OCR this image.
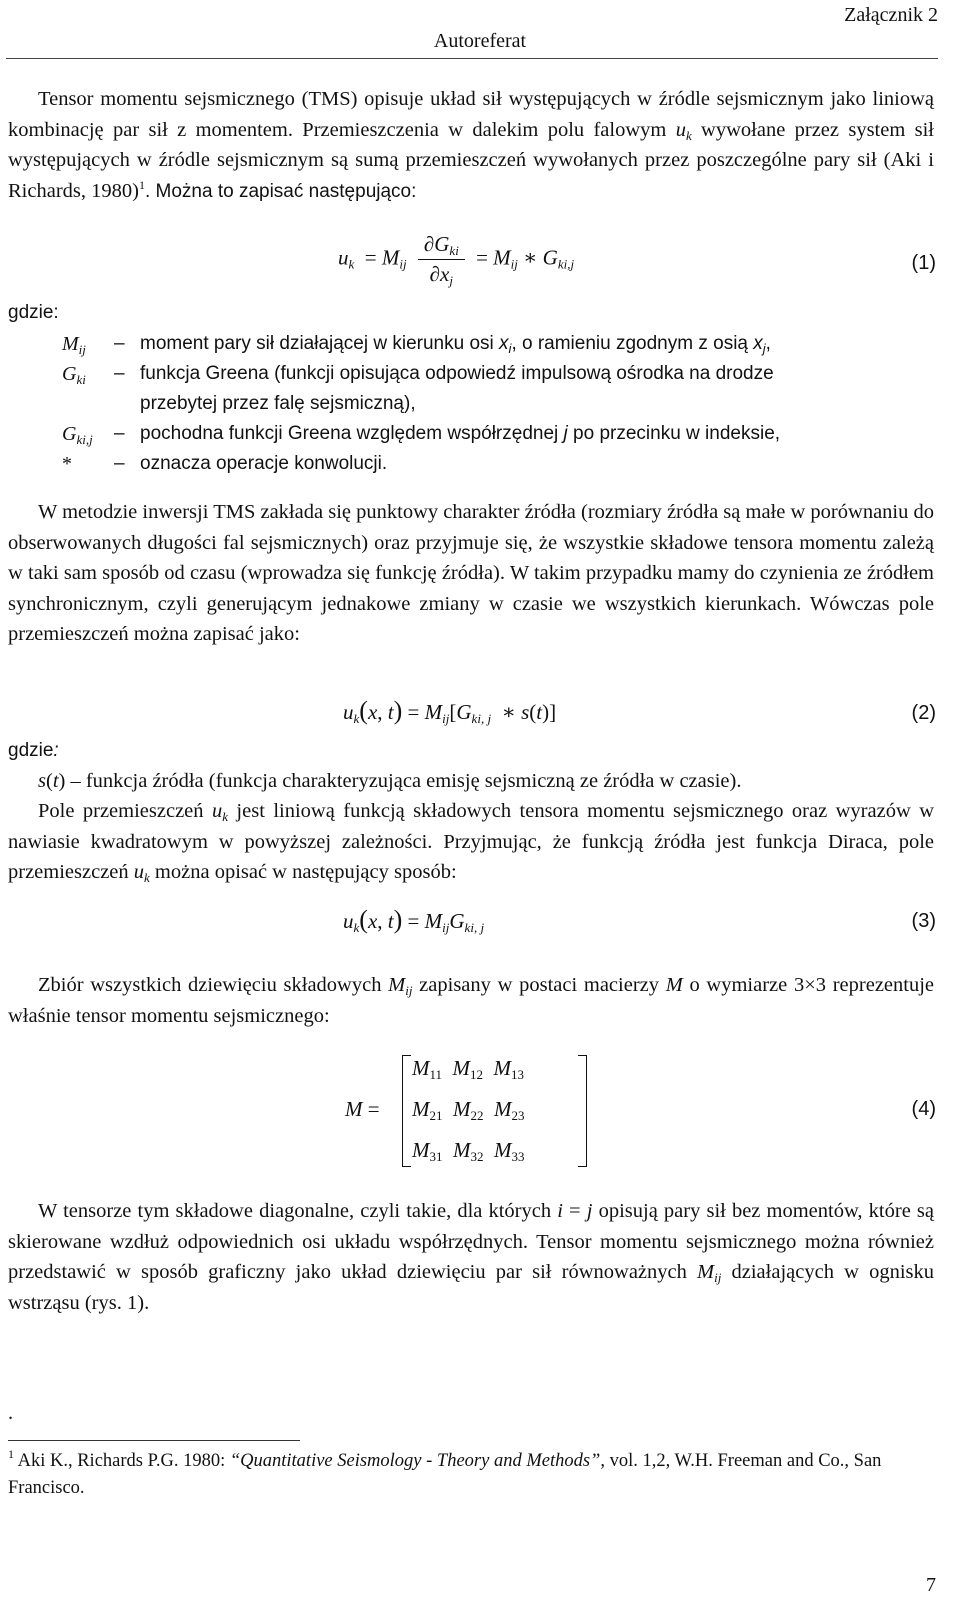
Załącznik 2
Autoreferat
Tensor momentu sejsmicznego (TMS) opisuje układ sił występujących w źródle sejsmicznym jako liniową kombinację par sił z momentem. Przemieszczenia w dalekim polu falowym $u_k$ wywołane przez system sił występujących w źródle sejsmicznym są sumą przemieszczeń wywołanych przez poszczególne pary sił (Aki i Richards, 1980)$^1$. Można to zapisać następująco:
$u_k = M_{ij} \frac{\partial G_{ki}}{\partial x_j} = M_{ij}$ ∗ $G_{ki,j}$	(1)
gdzie:
$M_{ij}$	– moment pary sił działającej w kierunku osi $x_i$, o ramieniu zgodnym z osią $x_j$,
$G_{ki}$	– funkcja Greena (funkcji opisująca odpowiedź impulsową ośrodka na drodze
przebytej przez falę sejsmiczną),
$G_{ki,j}$	– pochodna funkcji Greena względem współrzędnej j po przecinku w indeksie,
*	– oznacza operacje konwolucji.
W metodzie inwersji TMS zakłada się punktowy charakter źródła (rozmiary źródła są małe w porównaniu do obserwowanych długości fal sejsmicznych) oraz przyjmuje się, że wszystkie składowe tensora momentu zależą w taki sam sposób od czasu (wprowadza się funkcję źródła). W takim przypadku mamy do czynienia ze źródłem synchronicznym, czyli generującym jednakowe zmiany w czasie we wszystkich kierunkach. Wówczas pole przemieszczeń można zapisać jako:
$u_k(x$, $t) = M_{ij}[G_{ki, j}$  ∗ s(t)]	(2)
gdzie:
s(t) – funkcja źródła (funkcja charakteryzująca emisję sejsmiczną ze źródła w czasie).
Pole przemieszczeń $u_k$ jest liniową funkcją składowych tensora momentu sejsmicznego oraz wyrazów w nawiasie kwadratowym w powyższej zależności. Przyjmując, że funkcją źródła jest funkcja Diraca, pole przemieszczeń $u_k$ można opisać w następujący sposób:
$u_k(x$, $t) = M_{ij}G_{ki, j}$	(3)
Zbiór wszystkich dziewięciu składowych $M_{ij}$ zapisany w postaci macierzy M o wymiarze 3×3 reprezentuje właśnie tensor momentu sejsmicznego:
M =
$M_{11}$ $M_{12}$ $M_{13}$
$M_{21}$ $M_{22}$ $M_{23}$
$M_{31}$ $M_{32}$ $M_{33}$
(4)
W tensorze tym składowe diagonalne, czyli takie, dla których i = j opisują pary sił bez momentów, które są skierowane wzdłuż odpowiednich osi układu współrzędnych. Tensor momentu sejsmicznego można również przedstawić w sposób graficzny jako układ dziewięciu par sił równoważnych $M_{ij}$ działających w ognisku wstrząsu (rys. 1).
.
$^1$ Aki K., Richards P.G. 1980: “Quantitative Seismology - Theory and Methods”, vol. 1,2, W.H. Freeman and Co., San Francisco.
7
